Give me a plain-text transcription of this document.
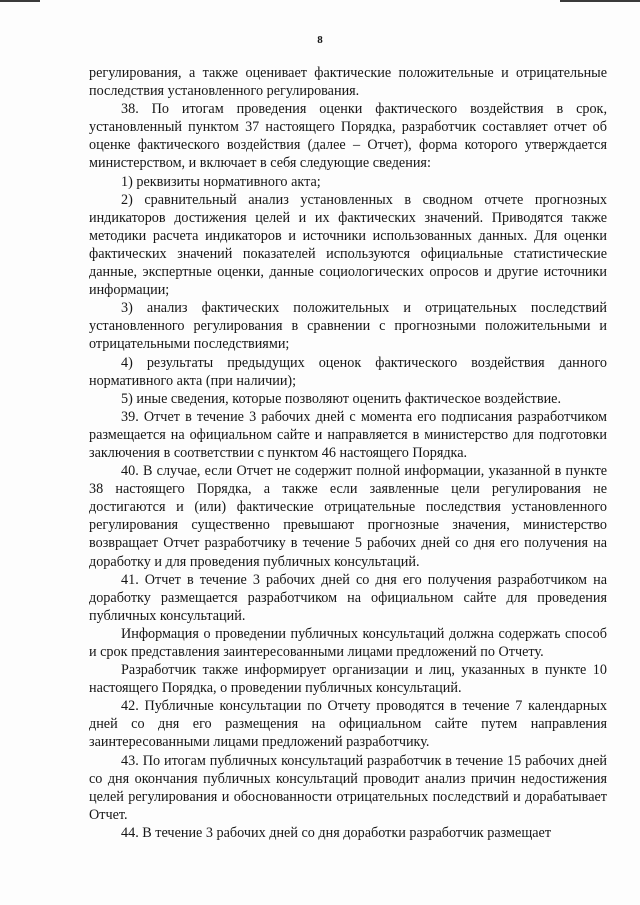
8

регулирования, а также оценивает фактические положительные и отрицательные последствия установленного регулирования.

38. По итогам проведения оценки фактического воздействия в срок, установленный пунктом 37 настоящего Порядка, разработчик составляет отчет об оценке фактического воздействия (далее – Отчет), форма которого утверждается министерством, и включает в себя следующие сведения:

1) реквизиты нормативного акта;

2) сравнительный анализ установленных в сводном отчете прогнозных индикаторов достижения целей и их фактических значений. Приводятся также методики расчета индикаторов и источники использованных данных. Для оценки фактических значений показателей используются официальные статистические данные, экспертные оценки, данные социологических опросов и другие источники информации;

3) анализ фактических положительных и отрицательных последствий установленного регулирования в сравнении с прогнозными положительными и отрицательными последствиями;

4) результаты предыдущих оценок фактического воздействия данного нормативного акта (при наличии);

5) иные сведения, которые позволяют оценить фактическое воздействие.

39. Отчет в течение 3 рабочих дней с момента его подписания разработчиком размещается на официальном сайте и направляется в министерство для подготовки заключения в соответствии с пунктом 46 настоящего Порядка.

40. В случае, если Отчет не содержит полной информации, указанной в пункте 38 настоящего Порядка, а также если заявленные цели регулирования не достигаются и (или) фактические отрицательные последствия установленного регулирования существенно превышают прогнозные значения, министерство возвращает Отчет разработчику в течение 5 рабочих дней со дня его получения на доработку и для проведения публичных консультаций.

41. Отчет в течение 3 рабочих дней со дня его получения разработчиком на доработку размещается разработчиком на официальном сайте для проведения публичных консультаций.

Информация о проведении публичных консультаций должна содержать способ и срок представления заинтересованными лицами предложений по Отчету.

Разработчик также информирует организации и лиц, указанных в пункте 10 настоящего Порядка, о проведении публичных консультаций.

42. Публичные консультации по Отчету проводятся в течение 7 календарных дней со дня его размещения на официальном сайте путем направления заинтересованными лицами предложений разработчику.

43. По итогам публичных консультаций разработчик в течение 15 рабочих дней со дня окончания публичных консультаций проводит анализ причин недостижения целей регулирования и обоснованности отрицательных последствий и дорабатывает Отчет.

44. В течение 3 рабочих дней со дня доработки разработчик размещает
